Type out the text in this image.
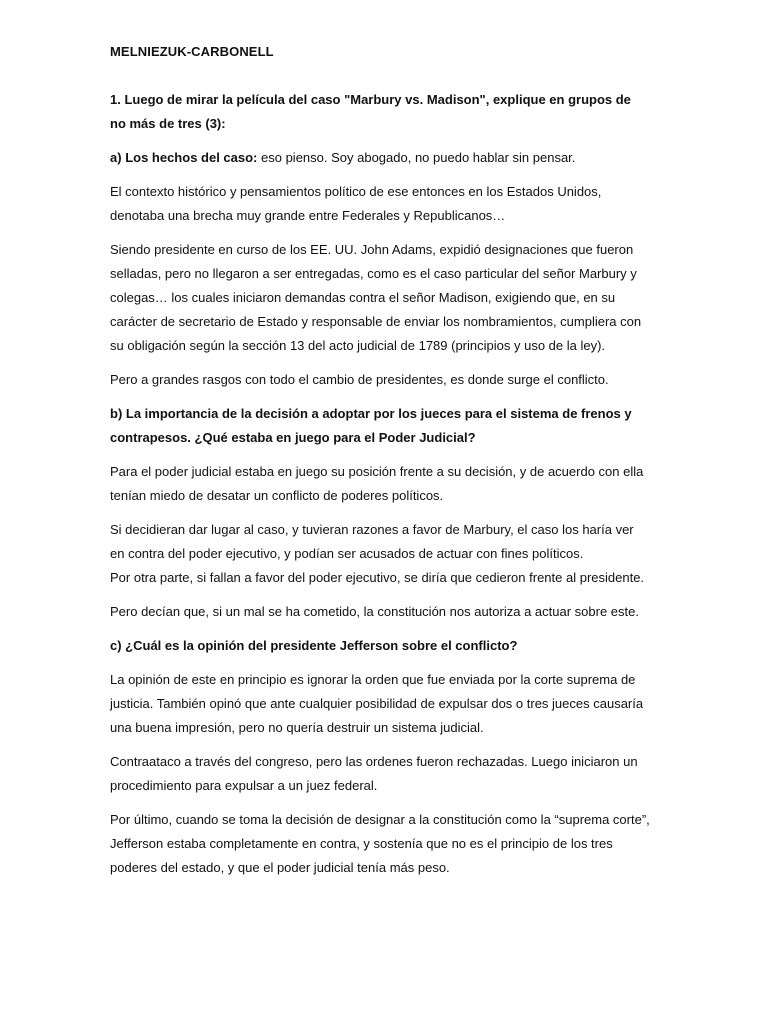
MELNIEZUK-CARBONELL

1. Luego de mirar la película del caso "Marbury vs. Madison", explique en grupos de no más de tres (3):

a) Los hechos del caso: eso pienso. Soy abogado, no puedo hablar sin pensar.

El contexto histórico y pensamientos político de ese entonces en los Estados Unidos, denotaba una brecha muy grande entre Federales y Republicanos…

Siendo presidente en curso de los EE. UU. John Adams, expidió designaciones que fueron selladas, pero no llegaron a ser entregadas, como es el caso particular del señor Marbury y colegas… los cuales iniciaron demandas contra el señor Madison, exigiendo que, en su carácter de secretario de Estado y responsable de enviar los nombramientos, cumpliera con su obligación según la sección 13 del acto judicial de 1789 (principios y uso de la ley).

Pero a grandes rasgos con todo el cambio de presidentes, es donde surge el conflicto.

b) La importancia de la decisión a adoptar por los jueces para el sistema de frenos y contrapesos. ¿Qué estaba en juego para el Poder Judicial?

Para el poder judicial estaba en juego su posición frente a su decisión, y de acuerdo con ella tenían miedo de desatar un conflicto de poderes políticos.

Si decidieran dar lugar al caso, y tuvieran razones a favor de Marbury, el caso los haría ver en contra del poder ejecutivo, y podían ser acusados de actuar con fines políticos.

Por otra parte, si fallan a favor del poder ejecutivo, se diría que cedieron frente al presidente.

Pero decían que, si un mal se ha cometido, la constitución nos autoriza a actuar sobre este.

c) ¿Cuál es la opinión del presidente Jefferson sobre el conflicto?

La opinión de este en principio es ignorar la orden que fue enviada por la corte suprema de justicia. También opinó que ante cualquier posibilidad de expulsar dos o tres jueces causaría una buena impresión, pero no quería destruir un sistema judicial.

Contraataco a través del congreso, pero las ordenes fueron rechazadas. Luego iniciaron un procedimiento para expulsar a un juez federal.

Por último, cuando se toma la decisión de designar a la constitución como la “suprema corte”, Jefferson estaba completamente en contra, y sostenía que no es el principio de los tres poderes del estado, y que el poder judicial tenía más peso.
